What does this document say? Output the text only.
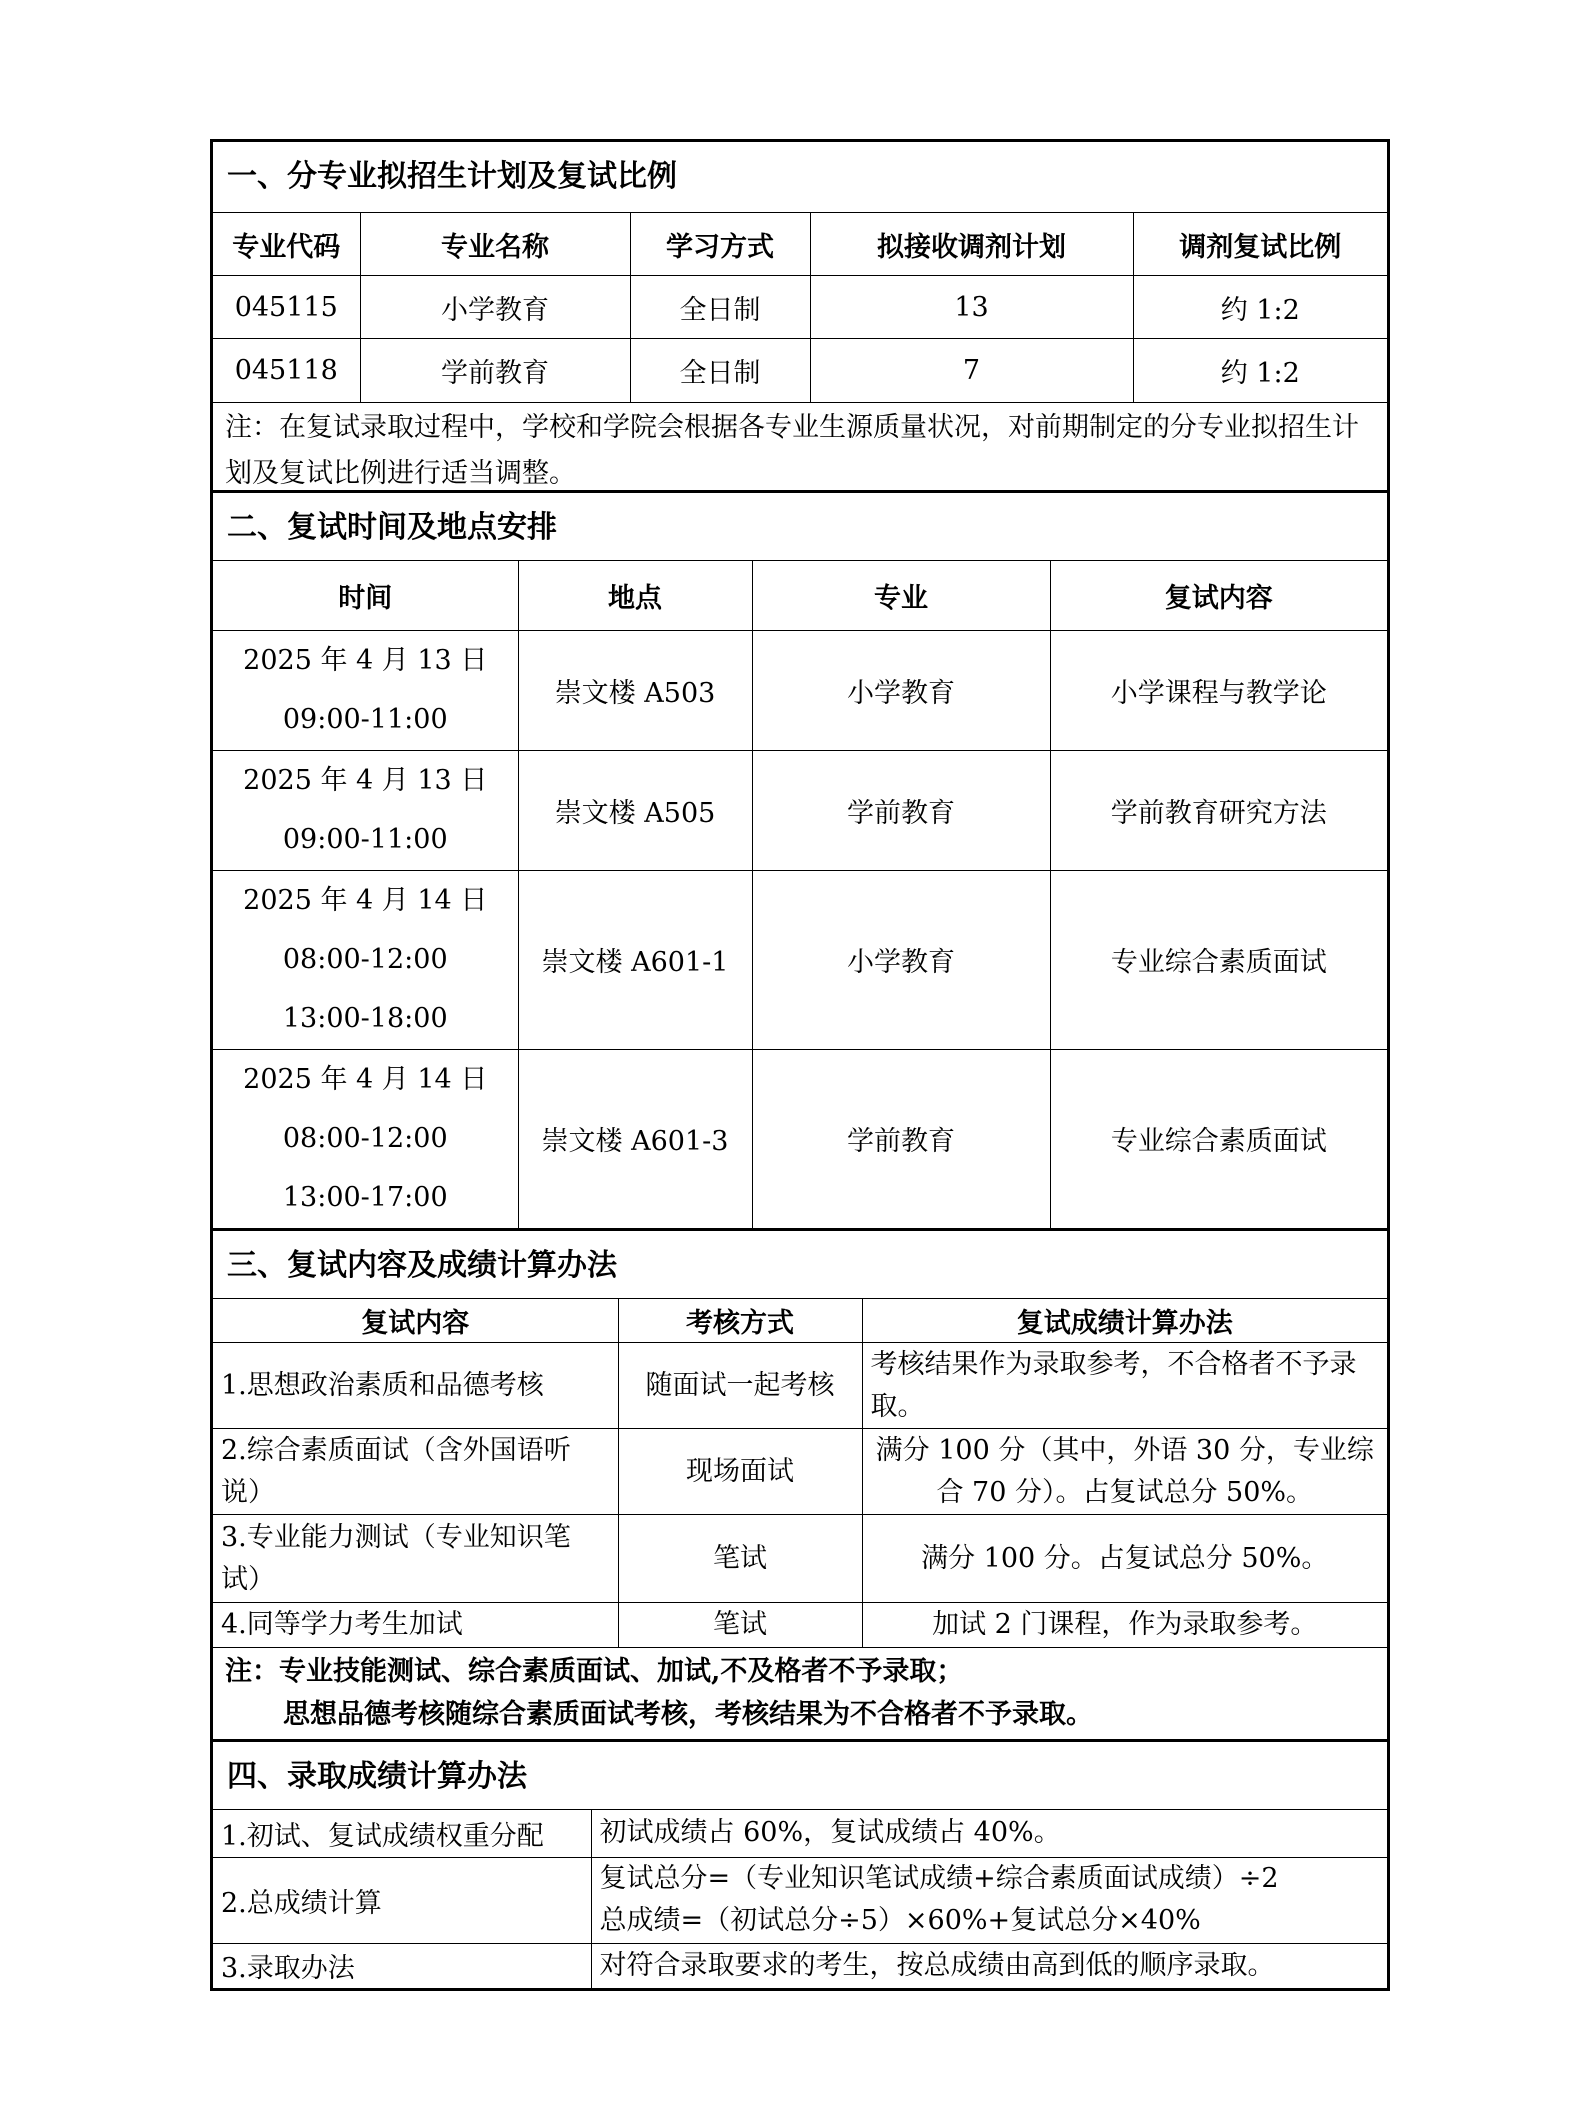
一、分专业拟招生计划及复试比例
专业代码	专业名称	学习方式	拟接收调剂计划	调剂复试比例
045115	小学教育	全日制	13	约 1:2
045118	学前教育	全日制	7	约 1:2
注：在复试录取过程中，学校和学院会根据各专业生源质量状况，对前期制定的分专业拟招生计划及复试比例进行适当调整。
二、复试时间及地点安排
时间	地点	专业	复试内容

2025 年 4 月 13 日
09:00-11:00	崇文楼 A503	小学教育	小学课程与教学论

2025 年 4 月 13 日
09:00-11:00	崇文楼 A505	学前教育	学前教育研究方法

2025 年 4 月 14 日
08:00-12:00
13:00-18:00	崇文楼 A601-1	小学教育	专业综合素质面试

2025 年 4 月 14 日
08:00-12:00
13:00-17:00	崇文楼 A601-3	学前教育	专业综合素质面试
三、复试内容及成绩计算办法
复试内容	考核方式	复试成绩计算办法
1.思想政治素质和品德考核	随面试一起考核	考核结果作为录取参考，不合格者不予录取。
2.综合素质面试（含外国语听说）	现场面试	满分 100 分（其中，外语 30 分，专业综合 70 分）。占复试总分 50%。
3.专业能力测试（专业知识笔试）	笔试	满分 100 分。占复试总分 50%。
4.同等学力考生加试	笔试	加试 2 门课程，作为录取参考。
注：专业技能测试、综合素质面试、加试,不及格者不予录取；
思想品德考核随综合素质面试考核，考核结果为不合格者不予录取。
四、录取成绩计算办法
1.初试、复试成绩权重分配	初试成绩占 60%，复试成绩占 40%。

2.总成绩计算	复试总分=（专业知识笔试成绩+综合素质面试成绩）÷2
总成绩=（初试总分÷5）×60%+复试总分×40%

3.录取办法	对符合录取要求的考生，按总成绩由高到低的顺序录取。
